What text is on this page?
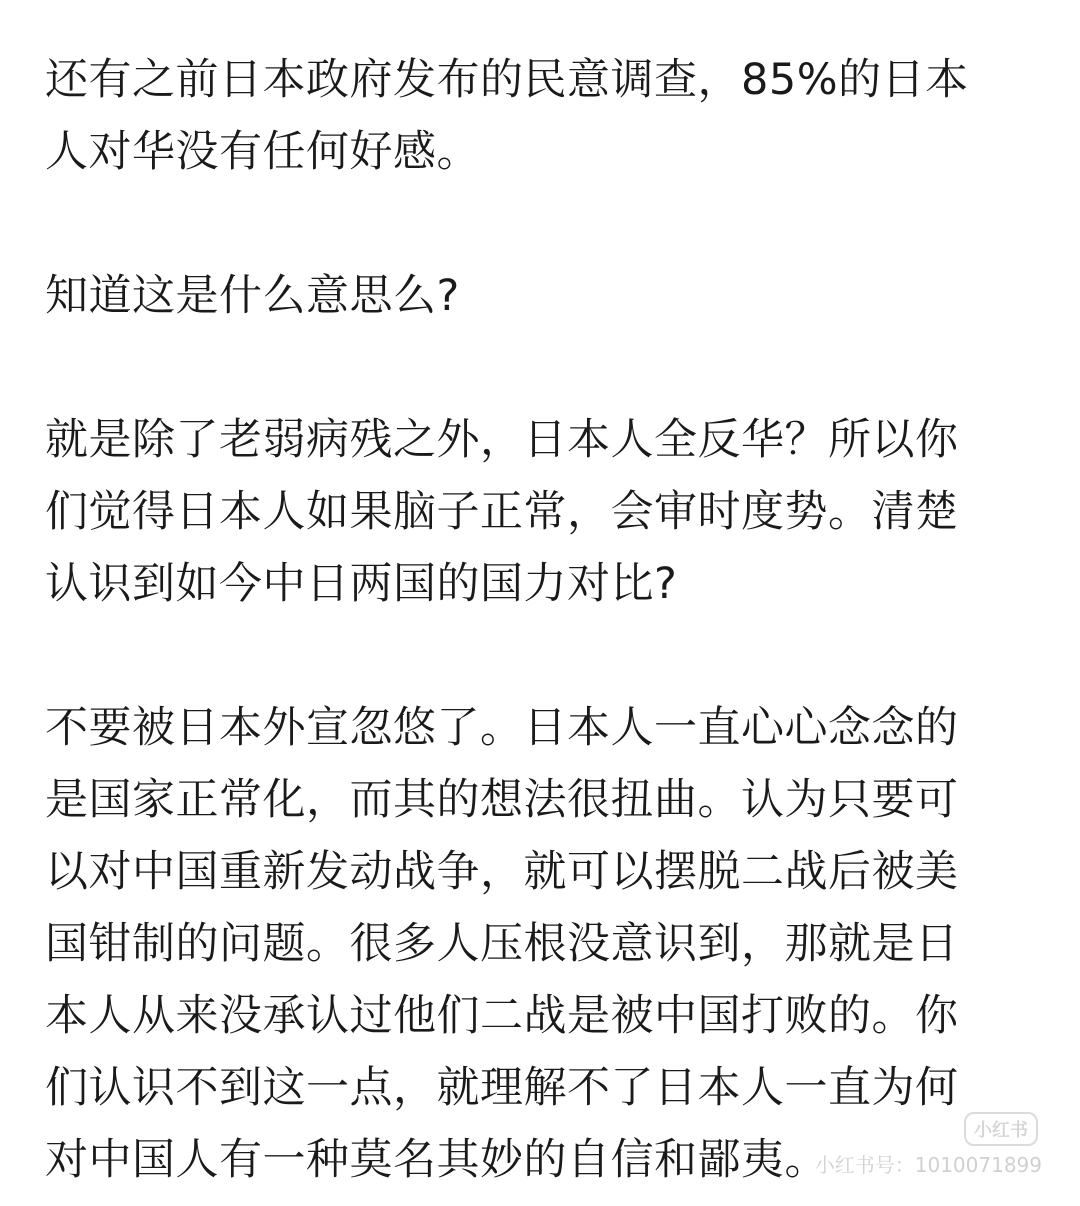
还有之前日本政府发布的民意调查，85%的日本
人对华没有任何好感。
知道这是什么意思么?
就是除了老弱病残之外，日本人全反华？所以你
们觉得日本人如果脑子正常，会审时度势。清楚
认识到如今中日两国的国力对比?
不要被日本外宣忽悠了。日本人一直心心念念的
是国家正常化，而其的想法很扭曲。认为只要可
以对中国重新发动战争，就可以摆脱二战后被美
国钳制的问题。很多人压根没意识到，那就是日
本人从来没承认过他们二战是被中国打败的。你
们认识不到这一点，就理解不了日本人一直为何
对中国人有一种莫名其妙的自信和鄙夷。
小红书
小红书号：1010071899
